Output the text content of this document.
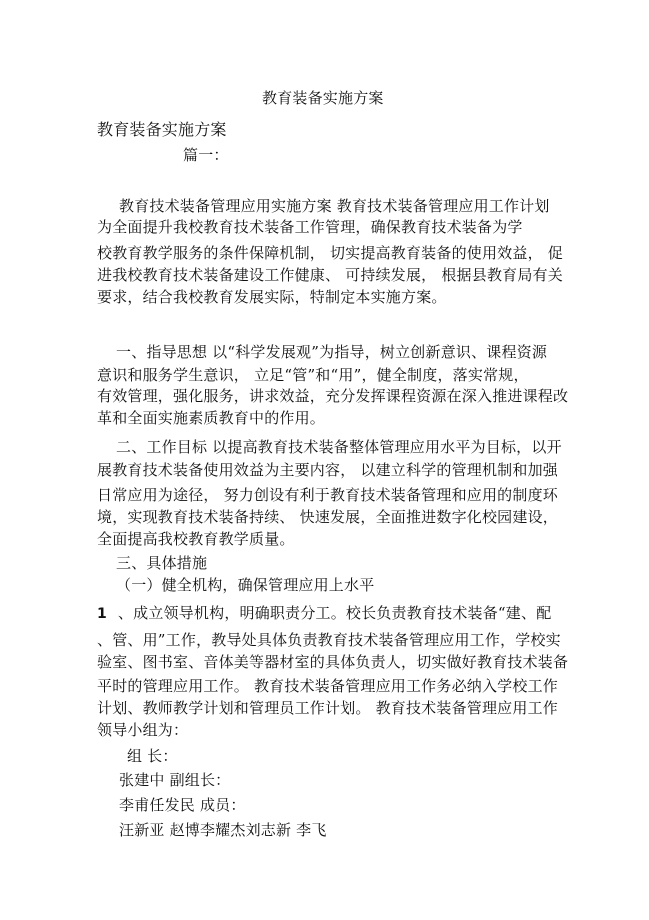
教育装备实施方案
教育装备实施方案
篇一：
教育技术装备管理应用实施方案 教育技术装备管理应用工作计划
为全面提升我校教育技术装备工作管理，确保教育技术装备为学
校教育教学服务的条件保障机制， 切实提高教育装备的使用效益， 促
进我校教育技术装备建设工作健康、 可持续发展， 根据县教育局有关
要求，结合我校教育发展实际，特制定本实施方案。
一、指导思想 以“科学发展观”为指导，树立创新意识、课程资源
意识和服务学生意识， 立足“管”和“用”，健全制度，落实常规，
有效管理，强化服务，讲求效益，充分发挥课程资源在深入推进课程改
革和全面实施素质教育中的作用。
二、工作目标 以提高教育技术装备整体管理应用水平为目标，以开
展教育技术装备使用效益为主要内容， 以建立科学的管理机制和加强
日常应用为途径， 努力创设有利于教育技术装备管理和应用的制度环
境，实现教育技术装备持续、 快速发展，全面推进数字化校园建设，
全面提高我校教育教学质量。
三、具体措施
（一）健全机构，确保管理应用上水平
1 、成立领导机构，明确职责分工。校长负责教育技术装备“建、配
、管、用”工作，教导处具体负责教育技术装备管理应用工作，学校实
验室、图书室、音体美等器材室的具体负责人，切实做好教育技术装备
平时的管理应用工作。 教育技术装备管理应用工作务必纳入学校工作
计划、教师教学计划和管理员工作计划。 教育技术装备管理应用工作
领导小组为：
组 长：
张建中 副组长：
李甫任发民 成员：
汪新亚 赵博李耀杰刘志新 李飞
